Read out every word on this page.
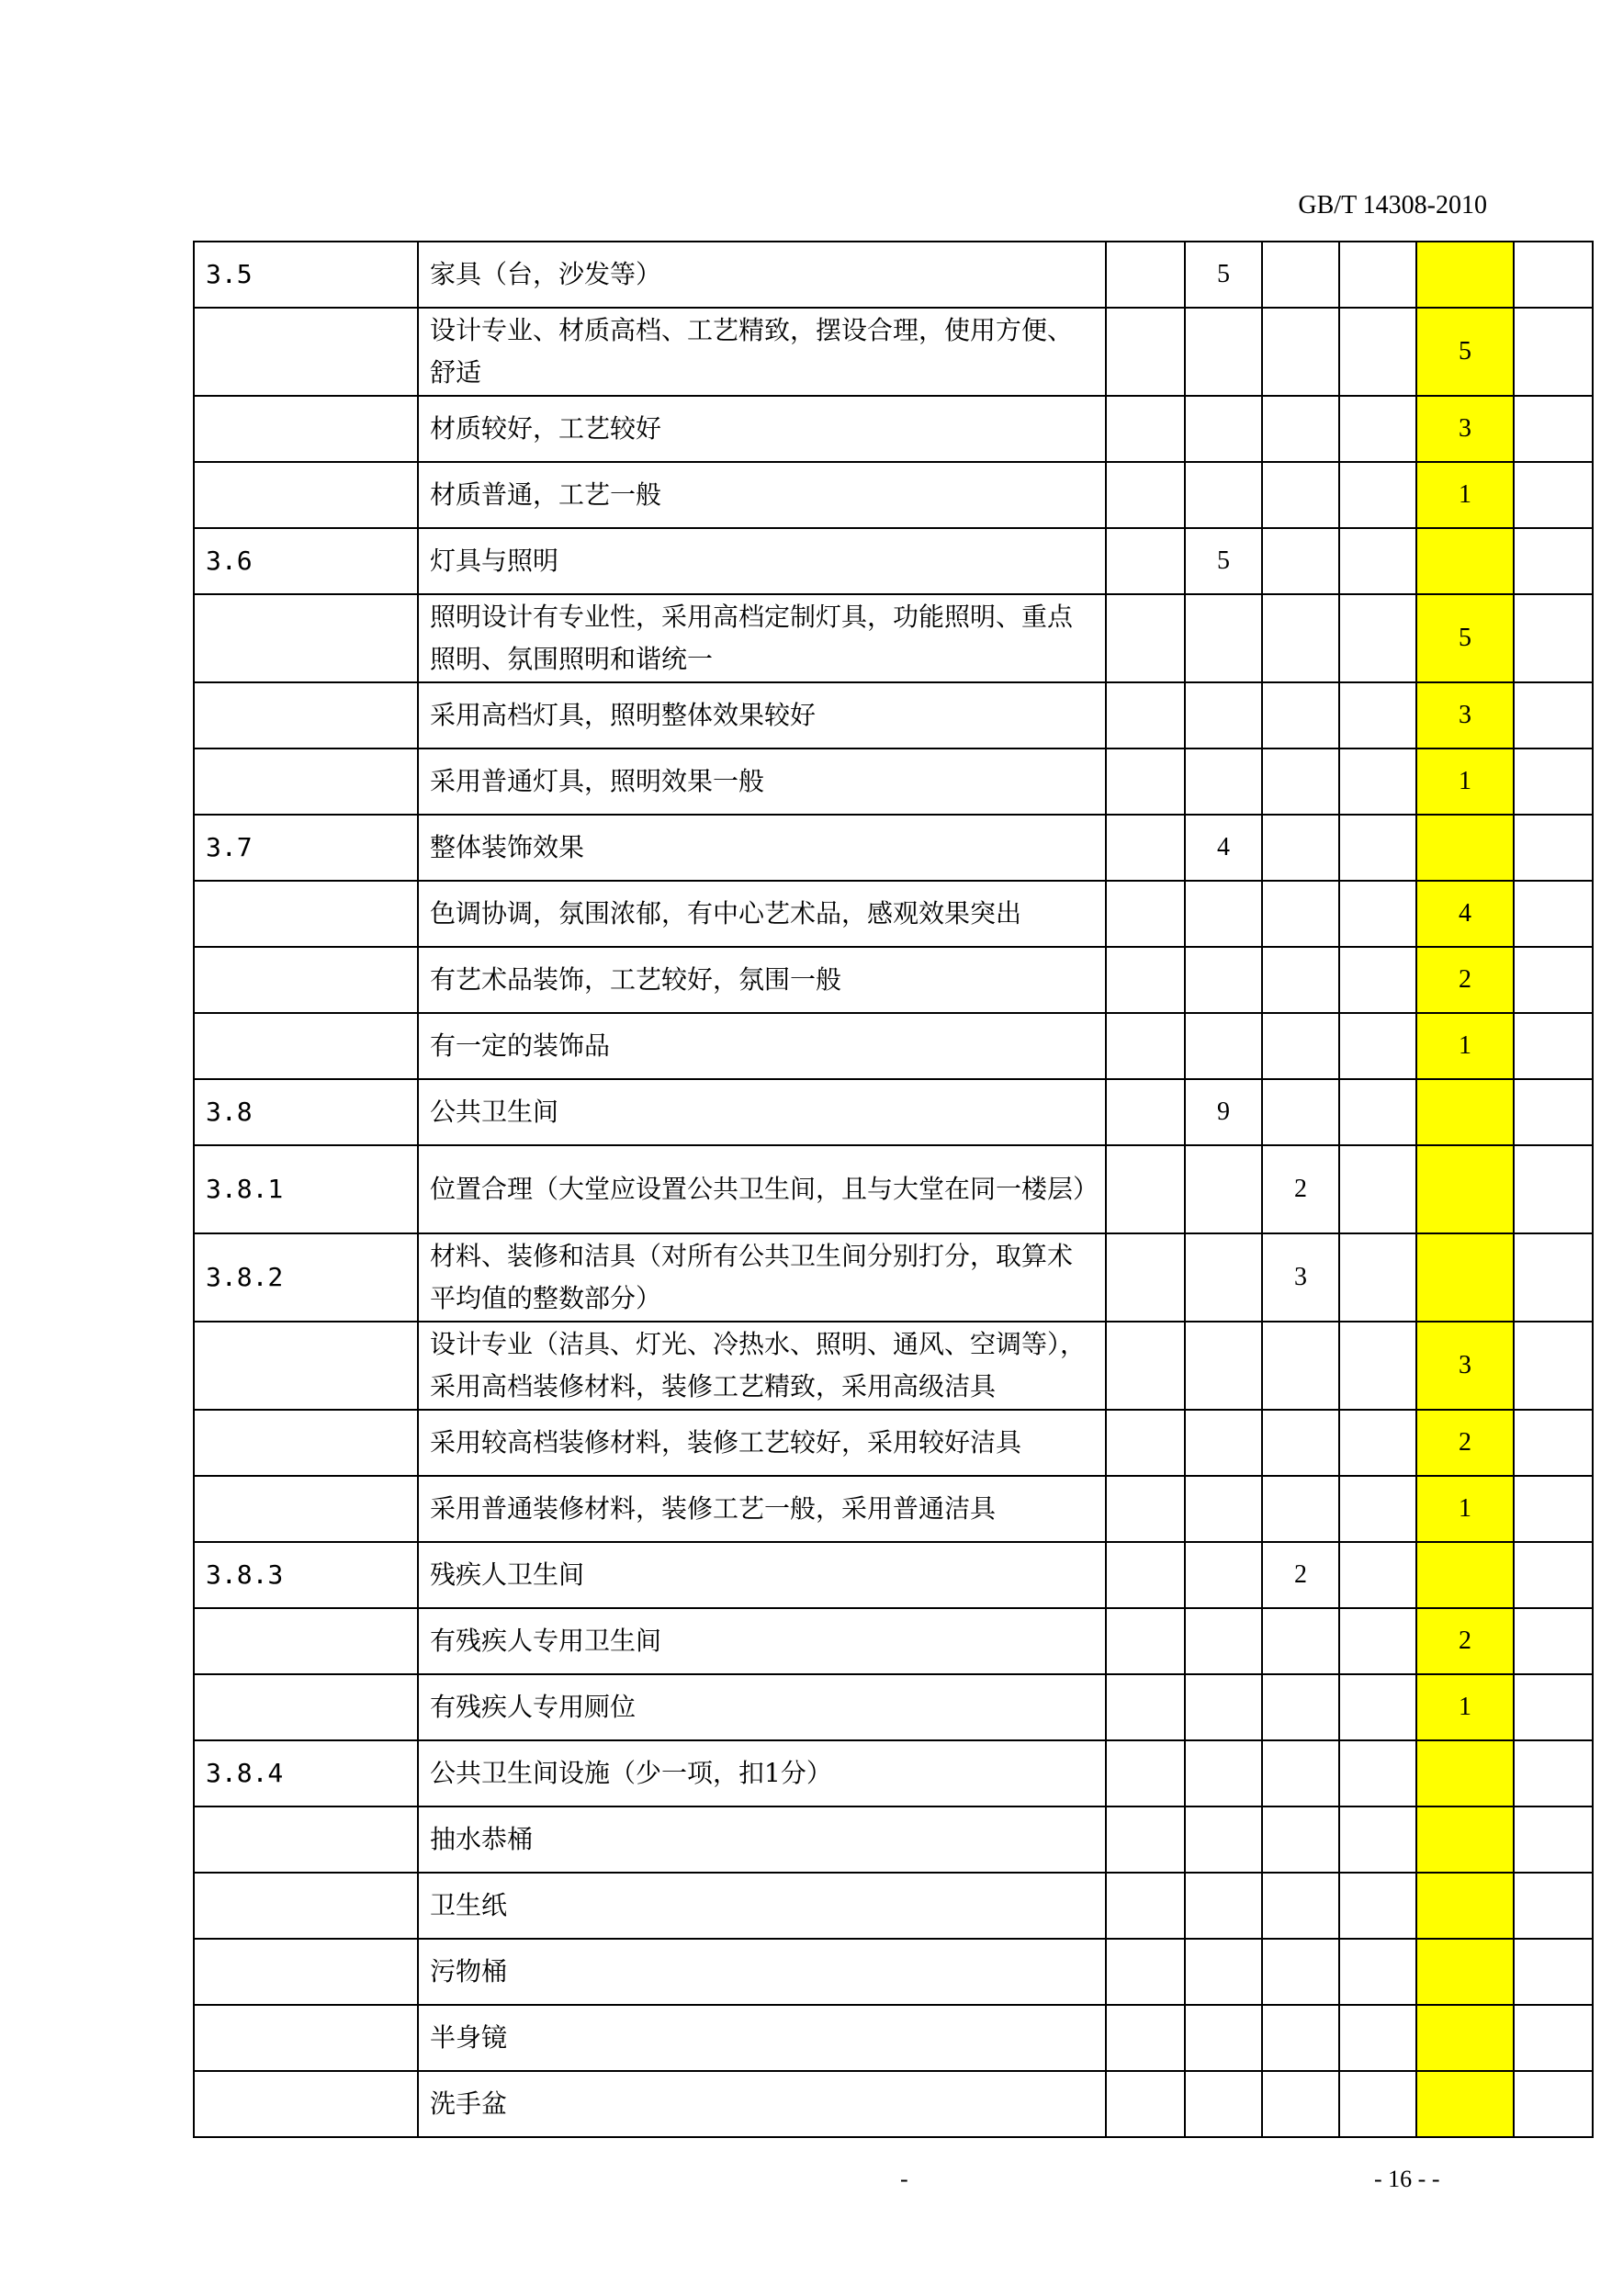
GB/T 14308-2010
3.5	家具（台，沙发等）		5				
	设计专业、材质高档、工艺精致，摆设合理，使用方便、舒适					5	
	材质较好，工艺较好					3	
	材质普通，工艺一般					1	
3.6	灯具与照明		5				
	照明设计有专业性，采用高档定制灯具，功能照明、重点照明、氛围照明和谐统一					5	
	采用高档灯具，照明整体效果较好					3	
	采用普通灯具，照明效果一般					1	
3.7	整体装饰效果		4				
	色调协调，氛围浓郁，有中心艺术品，感观效果突出					4	
	有艺术品装饰，工艺较好，氛围一般					2	
	有一定的装饰品					1	
3.8	公共卫生间		9				
3.8.1	位置合理（大堂应设置公共卫生间，且与大堂在同一楼层）			2			
3.8.2	材料、装修和洁具（对所有公共卫生间分别打分，取算术平均值的整数部分）			3			
	设计专业（洁具、灯光、冷热水、照明、通风、空调等），采用高档装修材料，装修工艺精致，采用高级洁具					3	
	采用较高档装修材料，装修工艺较好，采用较好洁具					2	
	采用普通装修材料，装修工艺一般，采用普通洁具					1	
3.8.3	残疾人卫生间			2			
	有残疾人专用卫生间					2	
	有残疾人专用厕位					1	
3.8.4	公共卫生间设施（少一项，扣1分）						
	抽水恭桶						
	卫生纸						
	污物桶						
	半身镜						
	洗手盆						
-	- 16 - -
